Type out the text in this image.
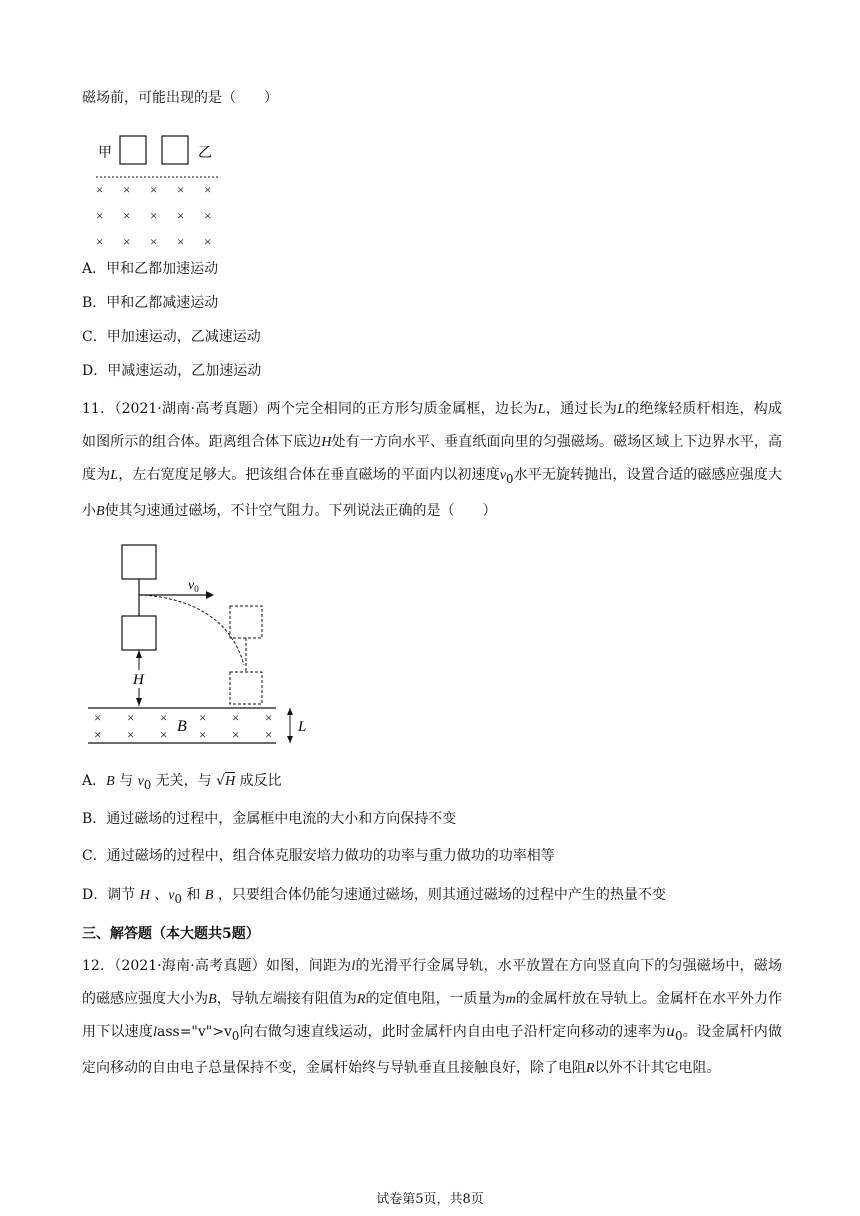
磁场前，可能出现的是（　　）
甲	乙
× × × × ×
× × × × ×
× × × × ×
A．甲和乙都加速运动
B．甲和乙都减速运动
C．甲加速运动，乙减速运动
D．甲减速运动，乙加速运动
11．（2021·湖南·高考真题）两个完全相同的正方形匀质金属框，边长为L，通过长为L的绝缘轻质杆相连，构成如图所示的组合体。距离组合体下底边H处有一方向水平、垂直纸面向里的匀强磁场。磁场区域上下边界水平，高度为L，左右宽度足够大。把该组合体在垂直磁场的平面内以初速度$v_0$水平无旋转抛出，设置合适的磁感应强度大小B使其匀速通过磁场，不计空气阻力。下列说法正确的是（　　）
$v_0$
H
× × × × × ×
× × × × × ×
B	L
A．B 与 $v_0$ 无关，与 √H 成反比
B．通过磁场的过程中，金属框中电流的大小和方向保持不变
C．通过磁场的过程中，组合体克服安培力做功的功率与重力做功的功率相等
D．调节 H 、$v_0$ 和 B ，只要组合体仍能匀速通过磁场，则其通过磁场的过程中产生的热量不变
三、解答题（本大题共5题）
12．（2021·海南·高考真题）如图，间距为l的光滑平行金属导轨，水平放置在方向竖直向下的匀强磁场中，磁场的磁感应强度大小为B，导轨左端接有阻值为R的定值电阻，一质量为m的金属杆放在导轨上。金属杆在水平外力作用下以速度$lass="v">v_0$向右做匀速直线运动，此时金属杆内自由电子沿杆定向移动的速率为$u_0$。设金属杆内做定向移动的自由电子总量保持不变，金属杆始终与导轨垂直且接触良好，除了电阻R以外不计其它电阻。
试卷第5页，共8页
